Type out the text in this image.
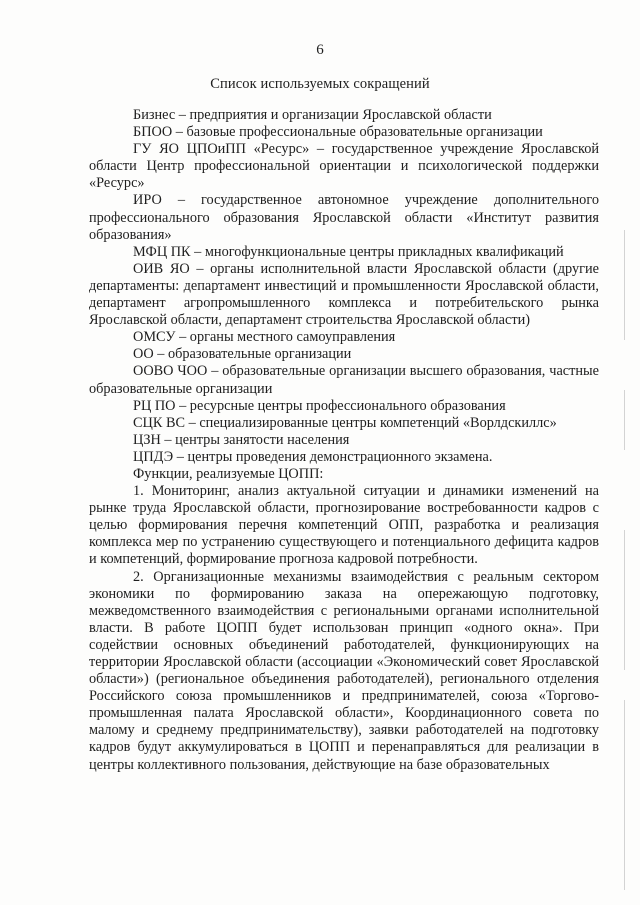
6
Список используемых сокращений

Бизнес – предприятия и организации Ярославской области

БПОО – базовые профессиональные образовательные организации

ГУ ЯО ЦПОиПП «Ресурс» – государственное учреждение Ярославской области Центр профессиональной ориентации и психологической поддержки «Ресурс»

ИРО – государственное автономное учреждение дополнительного профессионального образования Ярославской области «Институт развития образования»

МФЦ ПК – многофункциональные центры прикладных квалификаций

ОИВ ЯО – органы исполнительной власти Ярославской области (другие департаменты: департамент инвестиций и промышленности Ярославской области, департамент агропромышленного комплекса и потребительского рынка Ярославской области, департамент строительства Ярославской области)

ОМСУ – органы местного самоуправления

ОО – образовательные организации

ООВО ЧОО – образовательные организации высшего образования, частные образовательные организации

РЦ ПО – ресурсные центры профессионального образования

СЦК ВС – специализированные центры компетенций «Ворлдскиллс»

ЦЗН – центры занятости населения

ЦПДЭ – центры проведения демонстрационного экзамена.

Функции, реализуемые ЦОПП:

1. Мониторинг, анализ актуальной ситуации и динамики изменений на рынке труда Ярославской области, прогнозирование востребованности кадров с целью формирования перечня компетенций ОПП, разработка и реализация комплекса мер по устранению существующего и потенциального дефицита кадров и компетенций, формирование прогноза кадровой потребности.

2. Организационные механизмы взаимодействия с реальным сектором экономики по формированию заказа на опережающую подготовку, межведомственного взаимодействия с региональными органами исполнительной власти. В работе ЦОПП будет использован принцип «одного окна». При содействии основных объединений работодателей, функционирующих на территории Ярославской области (ассоциации «Экономический совет Ярославской области») (региональное объединения работодателей), регионального отделения Российского союза промышленников и предпринимателей, союза «Торгово-промышленная палата Ярославской области», Координационного совета по малому и среднему предпринимательству), заявки работодателей на подготовку кадров будут аккумулироваться в ЦОПП и перенаправляться для реализации в центры коллективного пользования, действующие на базе образовательных
